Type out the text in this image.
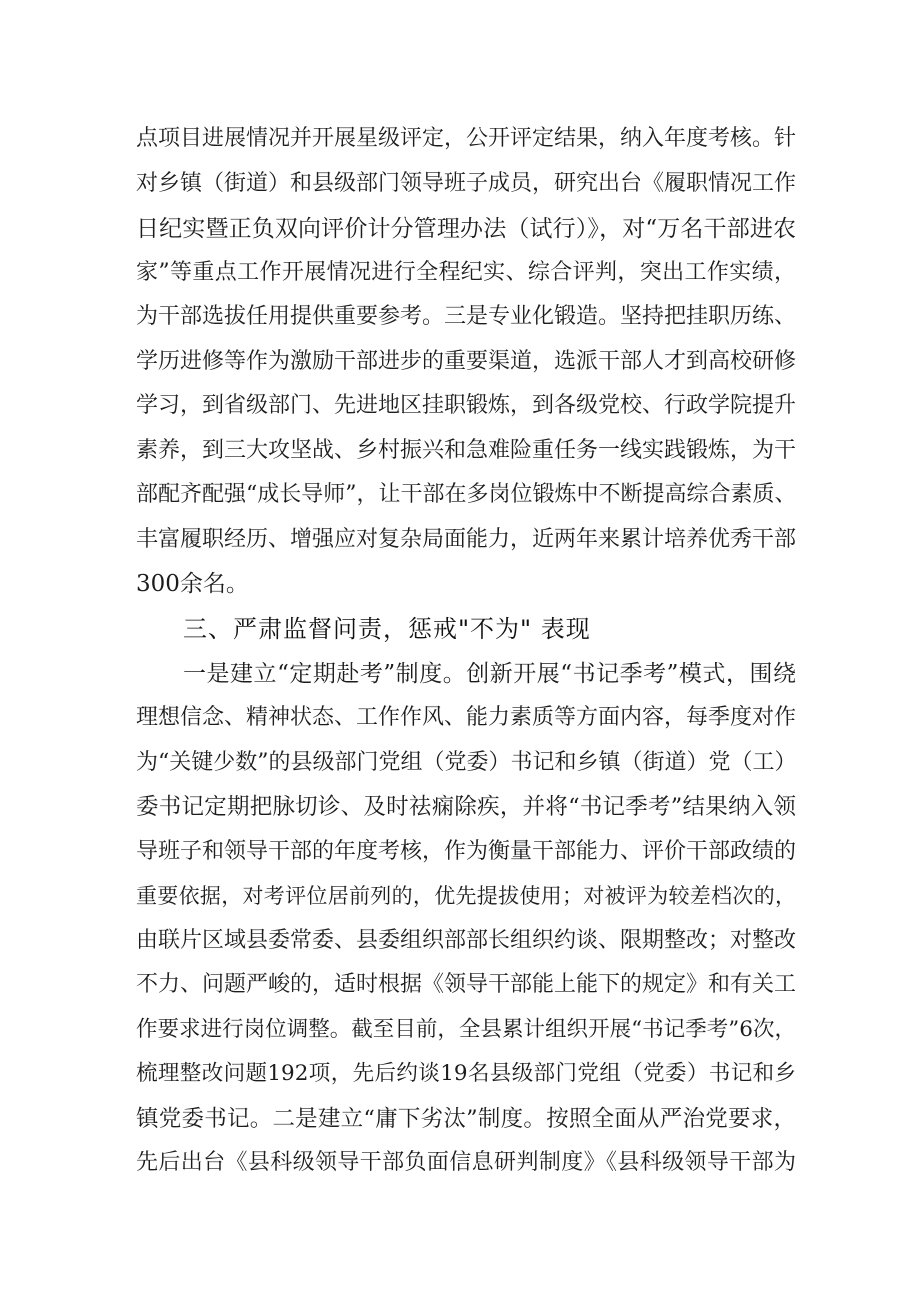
点项目进展情况并开展星级评定，公开评定结果，纳入年度考核。针
对乡镇（街道）和县级部门领导班子成员，研究出台《履职情况工作
日纪实暨正负双向评价计分管理办法（试行）》，对“万名干部进农
家”等重点工作开展情况进行全程纪实、综合评判，突出工作实绩，
为干部选拔任用提供重要参考。三是专业化锻造。坚持把挂职历练、
学历进修等作为激励干部进步的重要渠道，选派干部人才到高校研修
学习，到省级部门、先进地区挂职锻炼，到各级党校、行政学院提升
素养，到三大攻坚战、乡村振兴和急难险重任务一线实践锻炼，为干
部配齐配强“成长导师”，让干部在多岗位锻炼中不断提高综合素质、
丰富履职经历、增强应对复杂局面能力，近两年来累计培养优秀干部
300余名。
三、严肃监督问责，惩戒"不为" 表现
一是建立“定期赴考”制度。创新开展“书记季考”模式，围绕
理想信念、精神状态、工作作风、能力素质等方面内容，每季度对作
为“关键少数”的县级部门党组（党委）书记和乡镇（街道）党（工）
委书记定期把脉切诊、及时祛痫除疾，并将“书记季考”结果纳入领
导班子和领导干部的年度考核，作为衡量干部能力、评价干部政绩的
重要依据，对考评位居前列的，优先提拔使用；对被评为较差档次的，
由联片区域县委常委、县委组织部部长组织约谈、限期整改；对整改
不力、问题严峻的，适时根据《领导干部能上能下的规定》和有关工
作要求进行岗位调整。截至目前，全县累计组织开展“书记季考”6次，
梳理整改问题192项，先后约谈19名县级部门党组（党委）书记和乡
镇党委书记。二是建立“庸下劣汰”制度。按照全面从严治党要求，
先后出台《县科级领导干部负面信息研判制度》《县科级领导干部为
